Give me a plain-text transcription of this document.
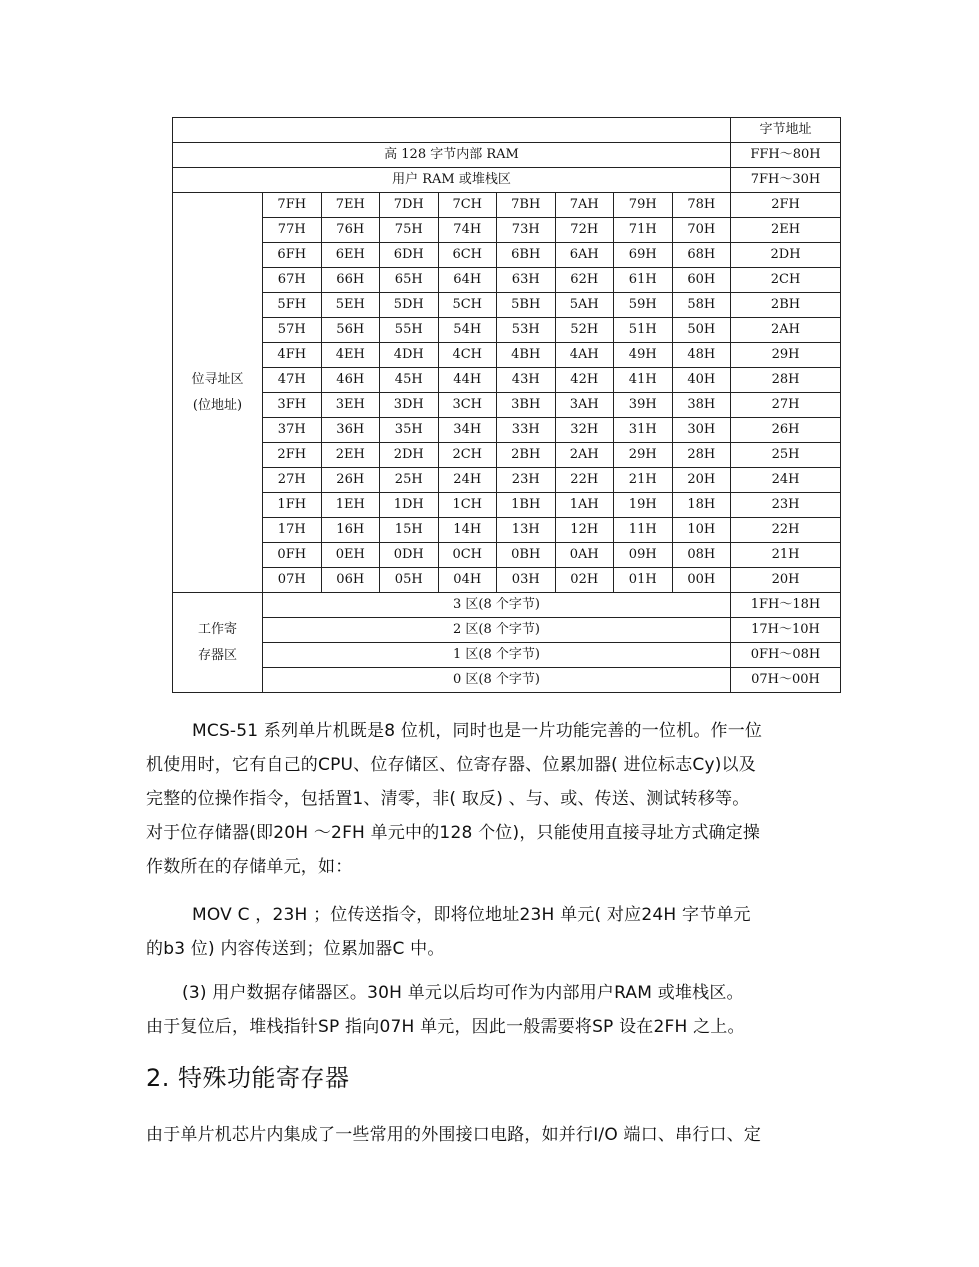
									字节地址
高 128 字节内部 RAM									FFH～80H
用户 RAM 或堆栈区									7FH～30H

位寻址区
(位地址)	7FH	7EH	7DH	7CH	7BH	7AH	79H	78H	2FH
	77H	76H	75H	74H	73H	72H	71H	70H	2EH
	6FH	6EH	6DH	6CH	6BH	6AH	69H	68H	2DH
	67H	66H	65H	64H	63H	62H	61H	60H	2CH
	5FH	5EH	5DH	5CH	5BH	5AH	59H	58H	2BH
	57H	56H	55H	54H	53H	52H	51H	50H	2AH
	4FH	4EH	4DH	4CH	4BH	4AH	49H	48H	29H
	47H	46H	45H	44H	43H	42H	41H	40H	28H
	3FH	3EH	3DH	3CH	3BH	3AH	39H	38H	27H
	37H	36H	35H	34H	33H	32H	31H	30H	26H
	2FH	2EH	2DH	2CH	2BH	2AH	29H	28H	25H
	27H	26H	25H	24H	23H	22H	21H	20H	24H
	1FH	1EH	1DH	1CH	1BH	1AH	19H	18H	23H
	17H	16H	15H	14H	13H	12H	11H	10H	22H
	0FH	0EH	0DH	0CH	0BH	0AH	09H	08H	21H
	07H	06H	05H	04H	03H	02H	01H	00H	20H

工作寄
存器区	3 区(8 个字节)								1FH～18H
	2 区(8 个字节)								17H～10H
	1 区(8 个字节)								0FH～08H
	0 区(8 个字节)								07H～00H
MCS-51 系列单片机既是8 位机，同时也是一片功能完善的一位机。作一位
机使用时，它有自己的CPU、位存储区、位寄存器、位累加器( 进位标志Cy)以及
完整的位操作指令，包括置1、清零，非( 取反) 、与、或、传送、测试转移等。
对于位存储器(即20H ～2FH 单元中的128 个位)，只能使用直接寻址方式确定操
作数所在的存储单元，如：
MOV C ，23H ；位传送指令，即将位地址23H 单元( 对应24H 字节单元
的b3 位) 内容传送到；位累加器C 中。
(3) 用户数据存储器区。30H 单元以后均可作为内部用户RAM 或堆栈区。
由于复位后，堆栈指针SP 指向07H 单元，因此一般需要将SP 设在2FH 之上。
2. 特殊功能寄存器
由于单片机芯片内集成了一些常用的外围接口电路，如并行I/O 端口、串行口、定
